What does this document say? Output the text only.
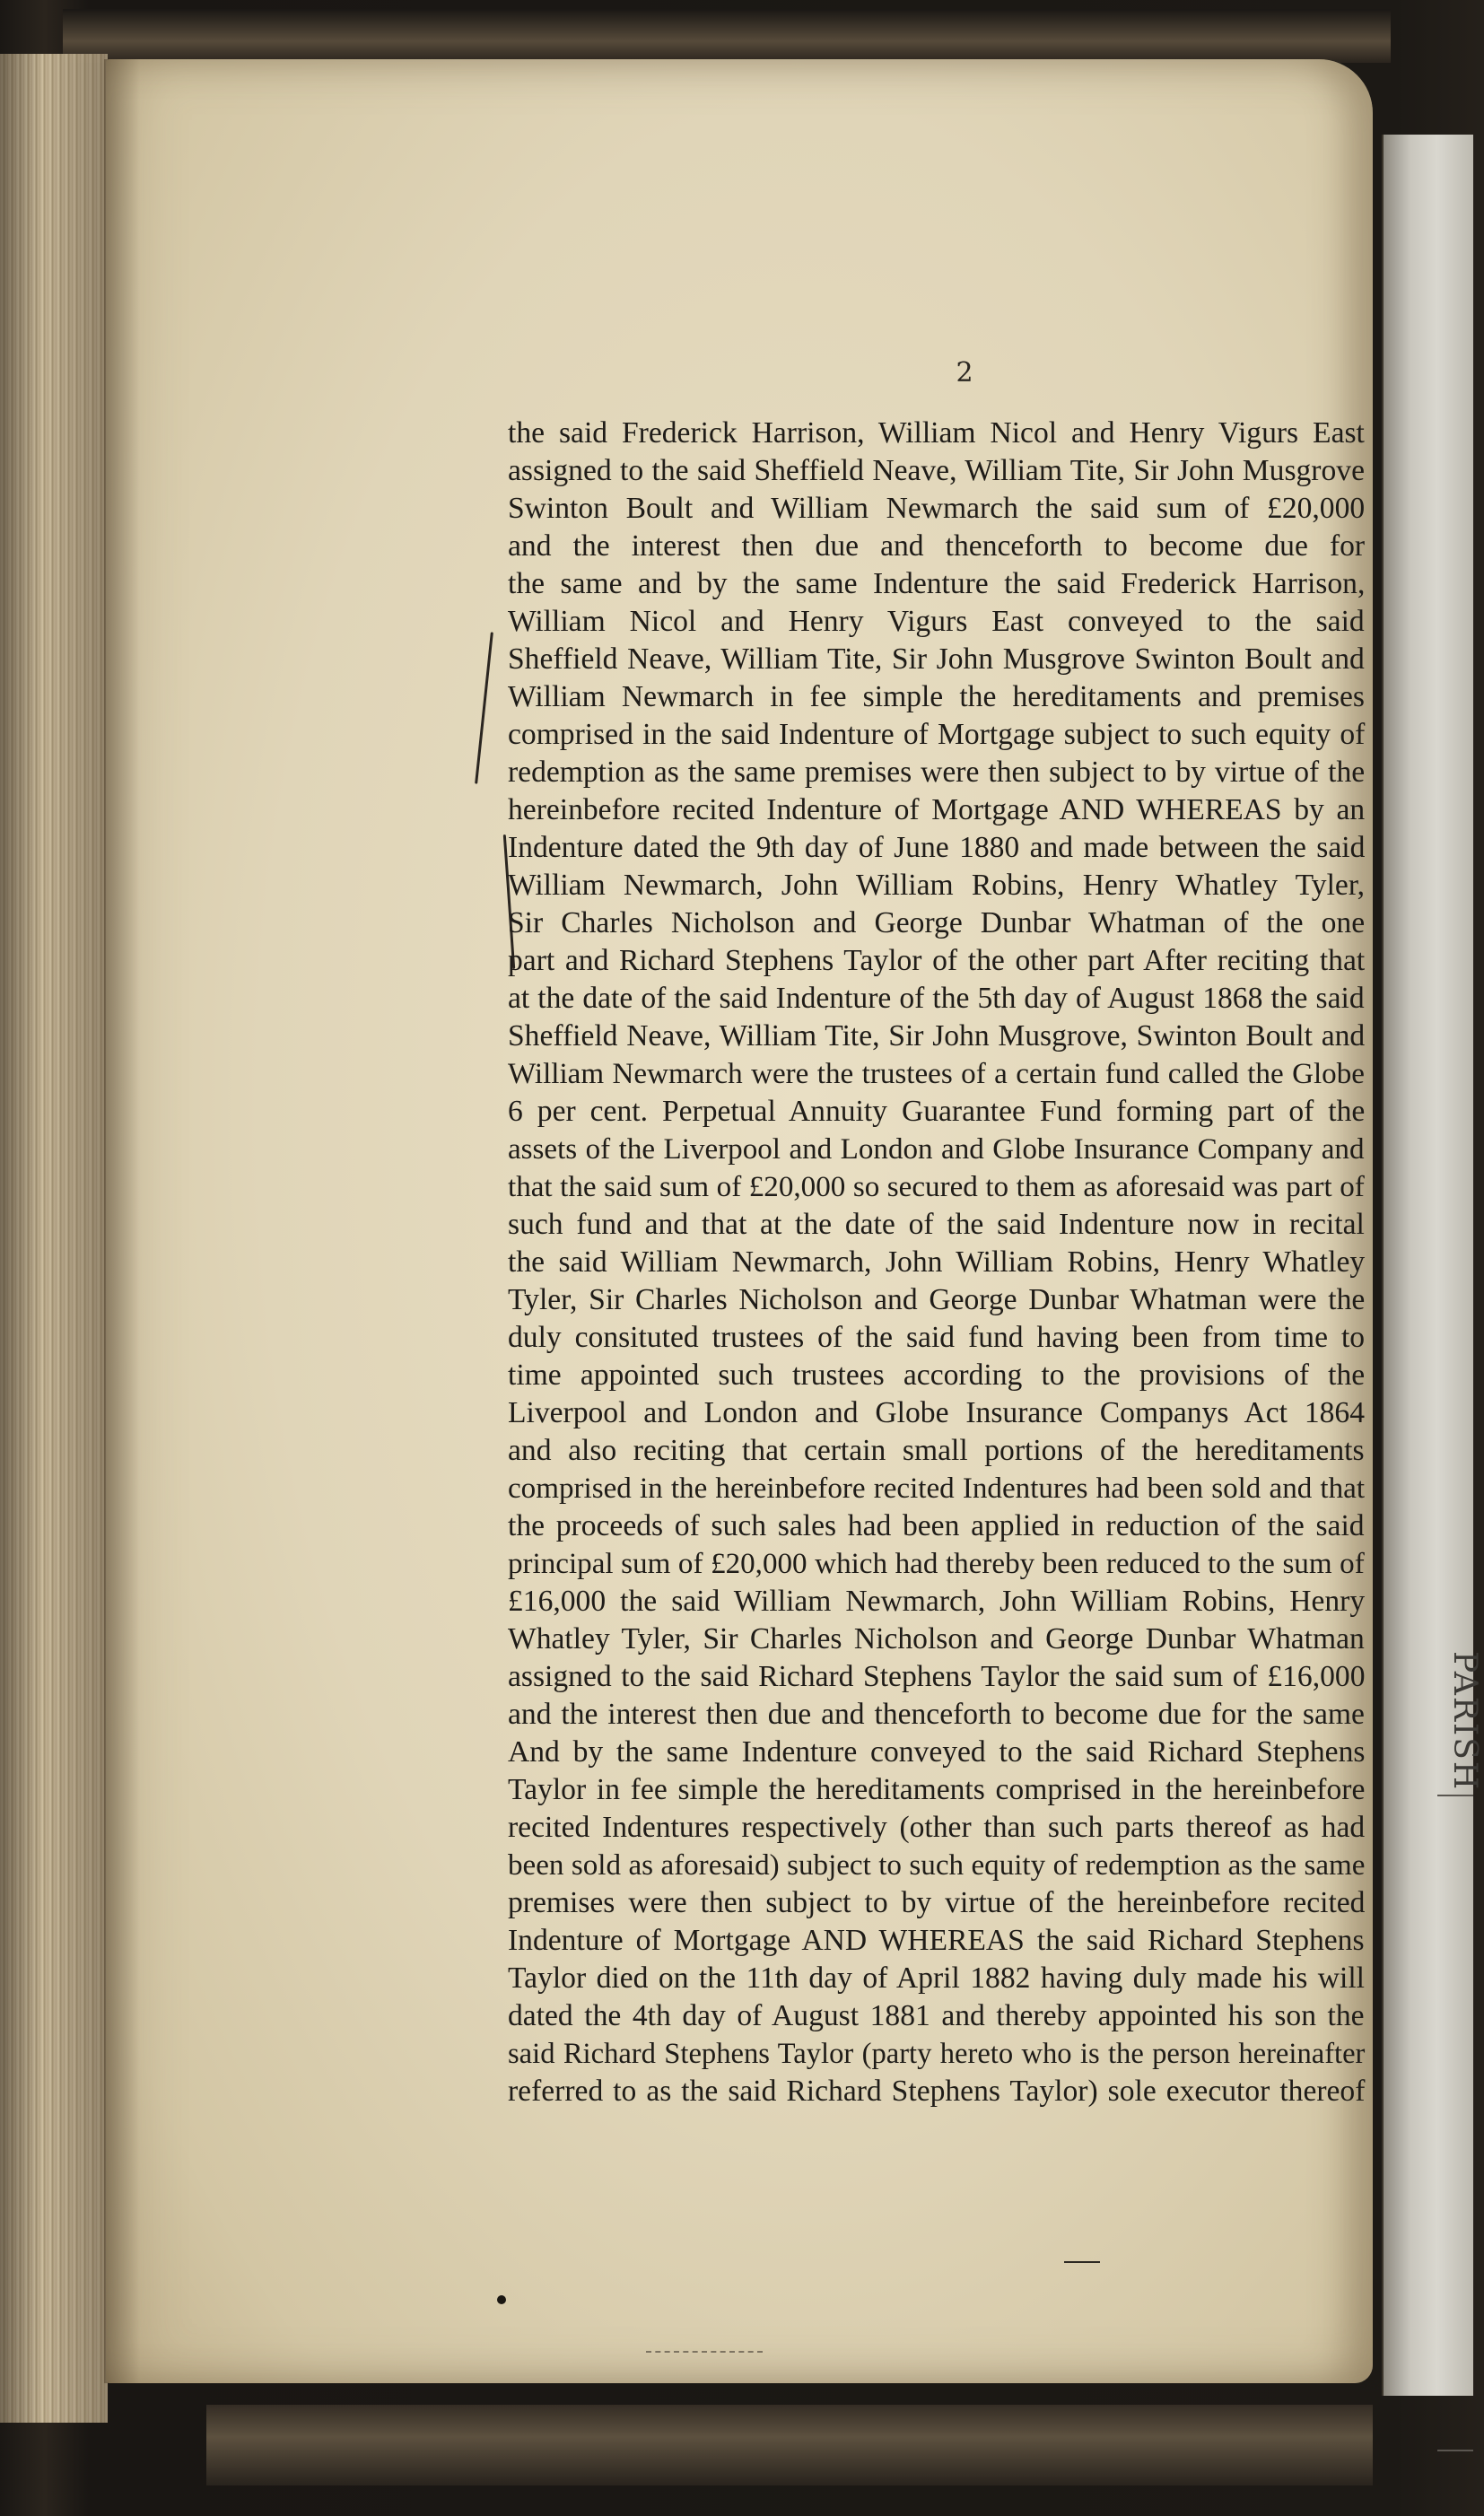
PARISH
2
the said Frederick Harrison, William Nicol and Henry Vigurs East
assigned to the said Sheffield Neave, William Tite, Sir John Musgrove
Swinton Boult and William Newmarch the said sum of £20,000
and the interest then due and thenceforth to become due for
the same and by the same Indenture the said Frederick Harrison,
William Nicol and Henry Vigurs East conveyed to the said
Sheffield Neave, William Tite, Sir John Musgrove Swinton Boult and
William Newmarch in fee simple the hereditaments and premises
comprised in the said Indenture of Mortgage subject to such equity of
redemption as the same premises were then subject to by virtue of the
hereinbefore recited Indenture of Mortgage AND WHEREAS by an
Indenture dated the 9th day of June 1880 and made between the said
William Newmarch, John William Robins, Henry Whatley Tyler,
Sir Charles Nicholson and George Dunbar Whatman of the one
part and Richard Stephens Taylor of the other part After reciting that
at the date of the said Indenture of the 5th day of August 1868 the said
Sheffield Neave, William Tite, Sir John Musgrove, Swinton Boult and
William Newmarch were the trustees of a certain fund called the Globe
6 per cent. Perpetual Annuity Guarantee Fund forming part of the
assets of the Liverpool and London and Globe Insurance Company and
that the said sum of £20,000 so secured to them as aforesaid was part of
such fund and that at the date of the said Indenture now in recital
the said William Newmarch, John William Robins, Henry Whatley
Tyler, Sir Charles Nicholson and George Dunbar Whatman were the
duly consituted trustees of the said fund having been from time to
time appointed such trustees according to the provisions of the
Liverpool and London and Globe Insurance Companys Act 1864
and also reciting that certain small portions of the hereditaments
comprised in the hereinbefore recited Indentures had been sold and that
the proceeds of such sales had been applied in reduction of the said
principal sum of £20,000 which had thereby been reduced to the sum of
£16,000 the said William Newmarch, John William Robins, Henry
Whatley Tyler, Sir Charles Nicholson and George Dunbar Whatman
assigned to the said Richard Stephens Taylor the said sum of £16,000
and the interest then due and thenceforth to become due for the same
And by the same Indenture conveyed to the said Richard Stephens
Taylor in fee simple the hereditaments comprised in the hereinbefore
recited Indentures respectively (other than such parts thereof as had
been sold as aforesaid) subject to such equity of redemption as the same
premises were then subject to by virtue of the hereinbefore recited
Indenture of Mortgage AND WHEREAS the said Richard Stephens
Taylor died on the 11th day of April 1882 having duly made his will
dated the 4th day of August 1881 and thereby appointed his son the
said Richard Stephens Taylor (party hereto who is the person hereinafter
referred to as the said Richard Stephens Taylor) sole executor thereof
